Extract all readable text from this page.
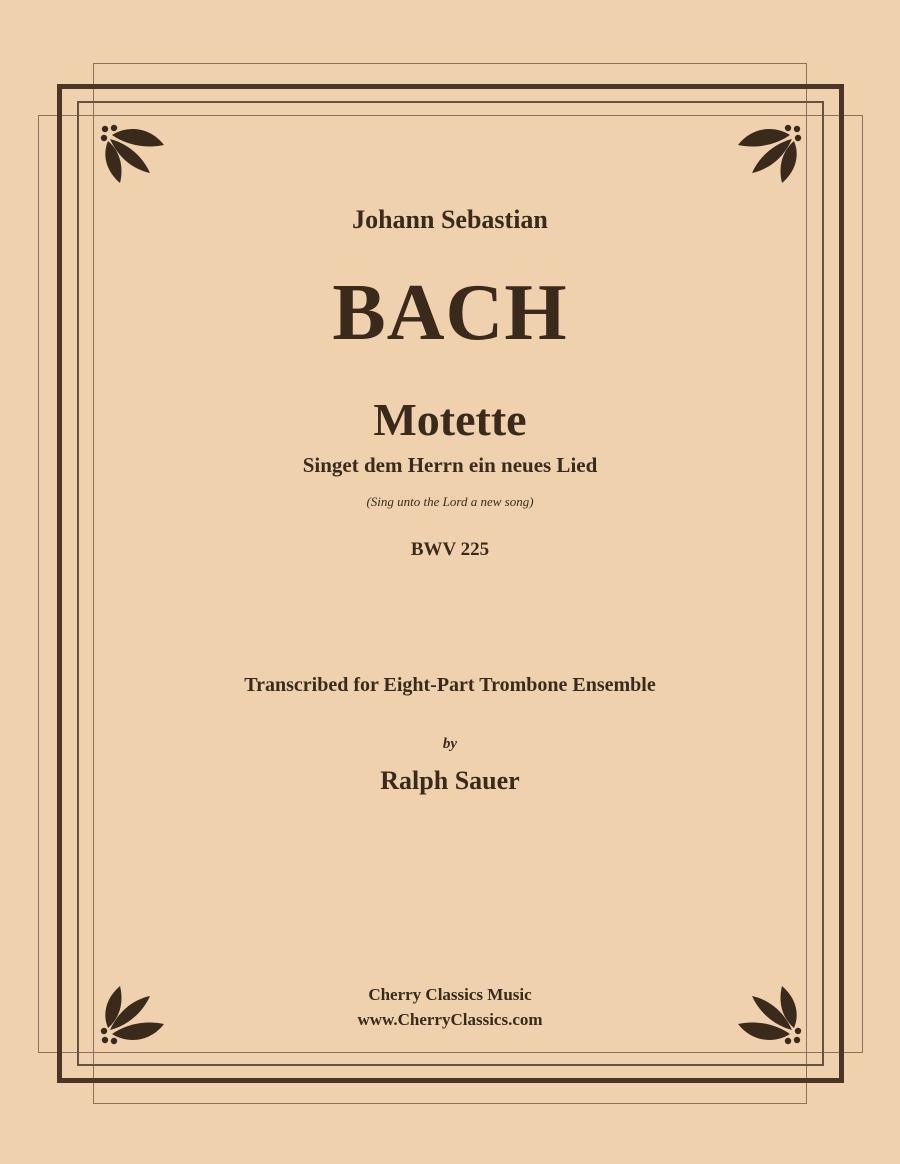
Johann Sebastian
BACH
Motette
Singet dem Herrn ein neues Lied
(Sing unto the Lord a new song)
BWV 225
Transcribed for Eight-Part Trombone Ensemble
by
Ralph Sauer
Cherry Classics Music
www.CherryClassics.com
